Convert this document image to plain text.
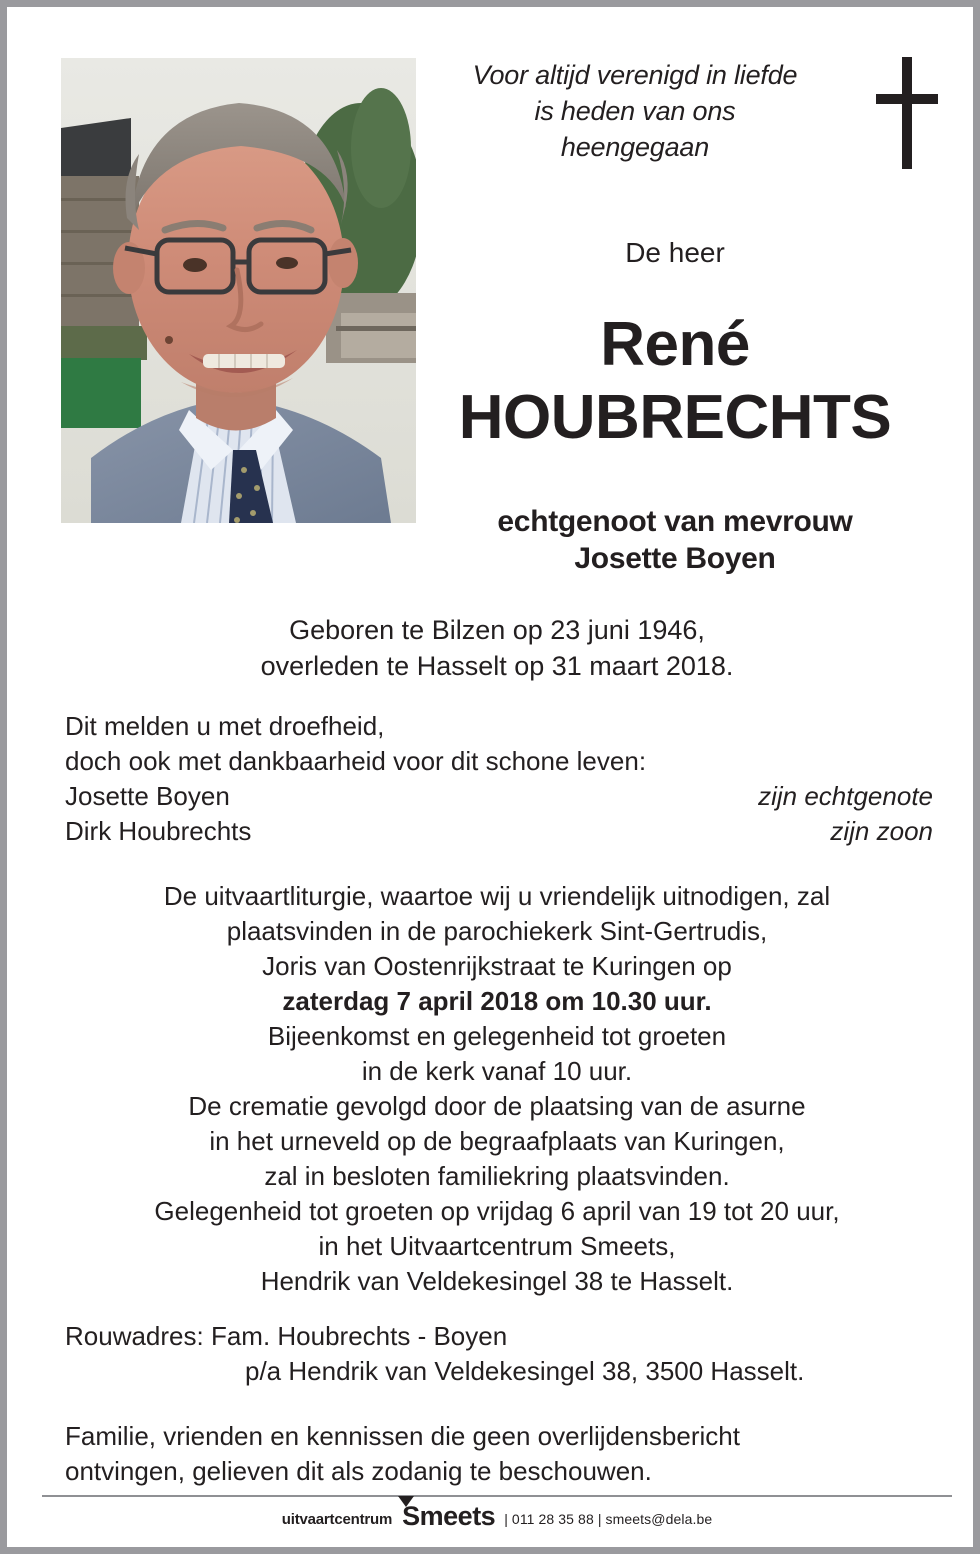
Voor altijd verenigd in liefde
is heden van ons
heengegaan
De heer
René
HOUBRECHTS
echtgenoot van mevrouw
Josette Boyen
Geboren te Bilzen op 23 juni 1946,
overleden te Hasselt op 31 maart 2018.
Dit melden u met droefheid,
doch ook met dankbaarheid voor dit schone leven:
Josette Boyen	zijn echtgenote
Dirk Houbrechts	zijn zoon
De uitvaartliturgie, waartoe wij u vriendelijk uitnodigen, zal
plaatsvinden in de parochiekerk Sint-Gertrudis,
Joris van Oostenrijkstraat te Kuringen op
zaterdag 7 april 2018 om 10.30 uur.
Bijeenkomst en gelegenheid tot groeten
in de kerk vanaf 10 uur.
De crematie gevolgd door de plaatsing van de asurne
in het urneveld op de begraafplaats van Kuringen,
zal in besloten familiekring plaatsvinden.
Gelegenheid tot groeten op vrijdag 6 april van 19 tot 20 uur,
in het Uitvaartcentrum Smeets,
Hendrik van Veldekesingel 38 te Hasselt.
Rouwadres: Fam. Houbrechts - Boyen
p/a Hendrik van Veldekesingel 38, 3500 Hasselt.
Familie, vrienden en kennissen die geen overlijdensbericht
ontvingen, gelieven dit als zodanig te beschouwen.
uitvaartcentrum Smeets | 011 28 35 88 | smeets@dela.be
